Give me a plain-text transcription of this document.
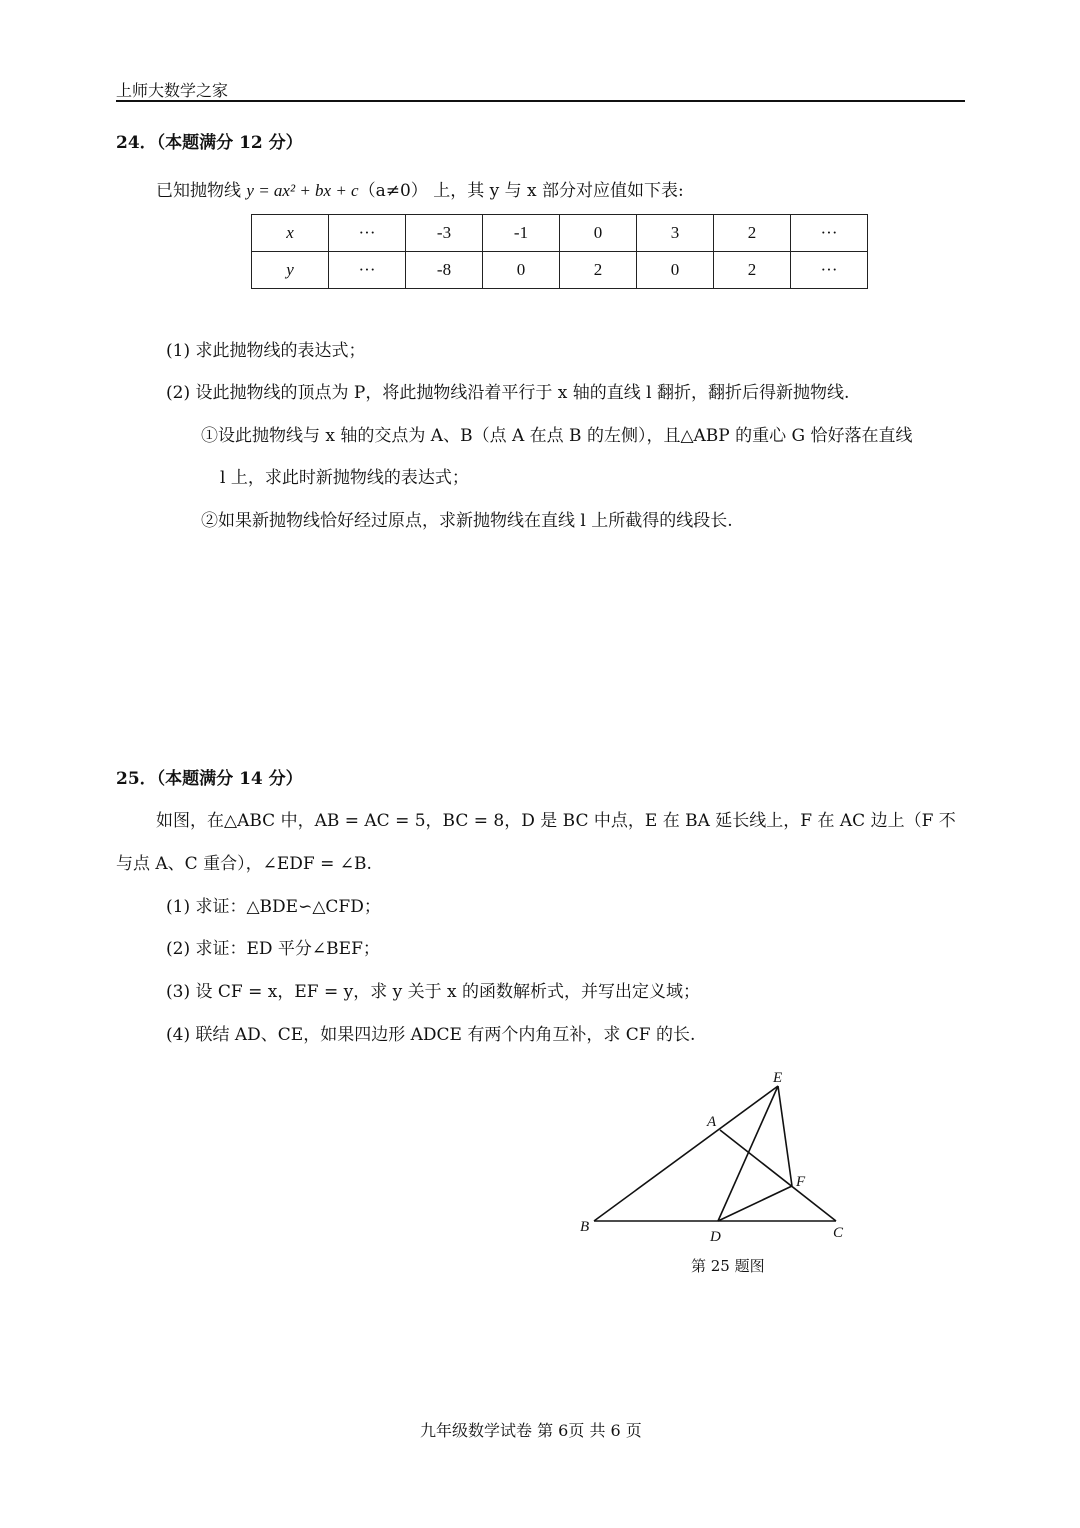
上师大数学之家
24．（本题满分 12 分）
已知抛物线 y = ax² + bx + c（a≠0） 上，其 y 与 x 部分对应值如下表:
x	···	-3	-1	0	3	2	···
y	···	-8	0	2	0	2	···
(1) 求此抛物线的表达式；
(2) 设此抛物线的顶点为 P，将此抛物线沿着平行于 x 轴的直线 l 翻折，翻折后得新抛物线.
①设此抛物线与 x 轴的交点为 A、B（点 A 在点 B 的左侧），且△ABP 的重心 G 恰好落在直线
l 上，求此时新抛物线的表达式；
②如果新抛物线恰好经过原点，求新抛物线在直线 l 上所截得的线段长.
25．（本题满分 14 分）
如图，在△ABC 中，AB = AC = 5，BC = 8，D 是 BC 中点，E 在 BA 延长线上，F 在 AC 边上（F 不
与点 A、C 重合），∠EDF = ∠B.
(1) 求证：△BDE∽△CFD；
(2) 求证：ED 平分∠BEF；
(3) 设 CF = x，EF = y，求 y 关于 x 的函数解析式，并写出定义域；
(4) 联结 AD、CE，如果四边形 ADCE 有两个内角互补，求 CF 的长.
E
A
F
B
D	C
第 25 题图
九年级数学试卷 第 6页 共 6 页
